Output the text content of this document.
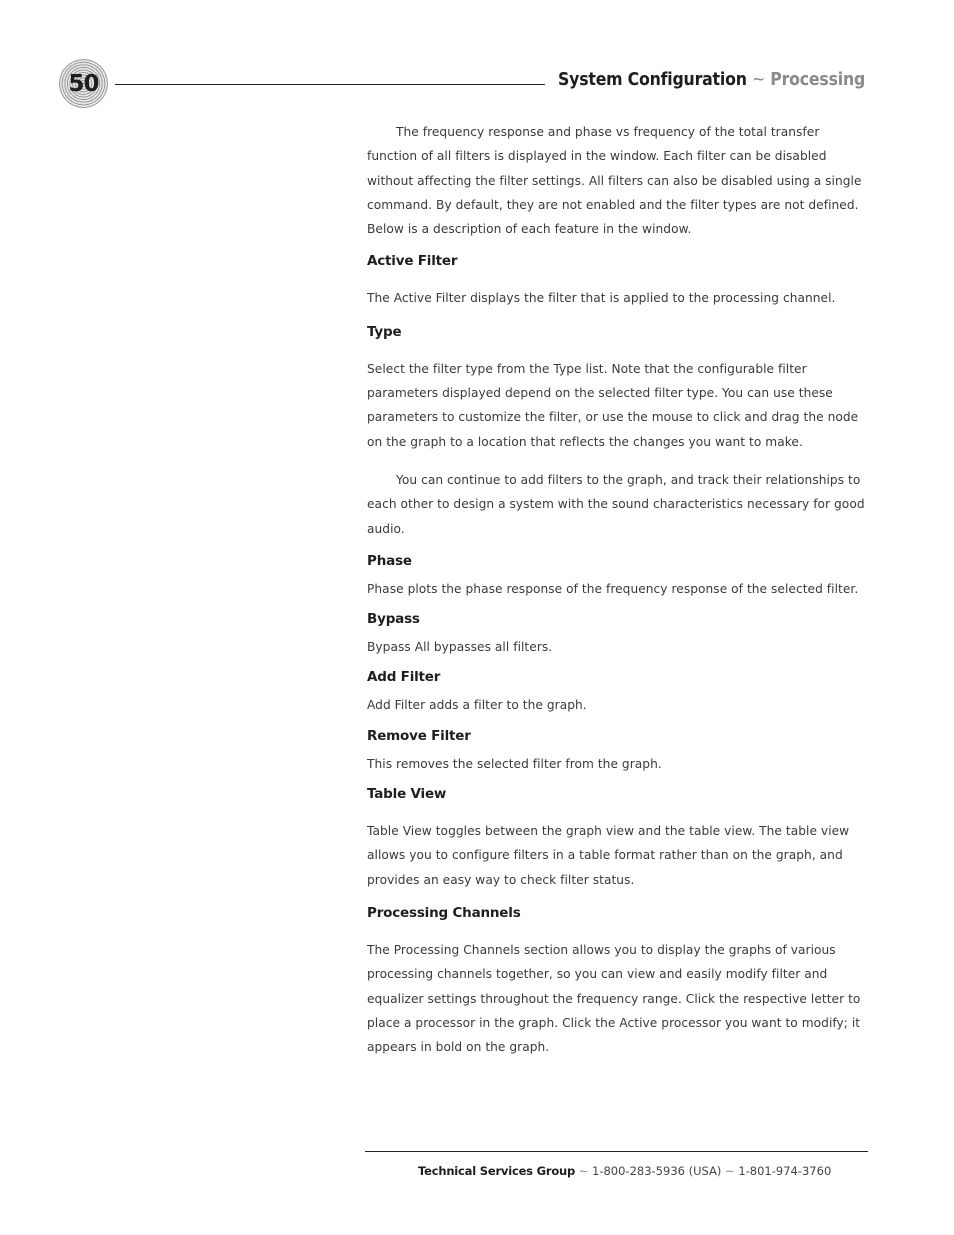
50	System Configuration ~ Processing

The frequency response and phase vs frequency of the total transfer function of all filters is displayed in the window. Each filter can be disabled without affecting the filter settings. All filters can also be disabled using a single command. By default, they are not enabled and the filter types are not defined. Below is a description of each feature in the window.

Active Filter

The Active Filter displays the filter that is applied to the processing channel.

Type

Select the filter type from the Type list. Note that the configurable filter parameters displayed depend on the selected filter type. You can use these parameters to customize the filter, or use the mouse to click and drag the node on the graph to a location that reflects the changes you want to make.

You can continue to add filters to the graph, and track their relationships to each other to design a system with the sound characteristics necessary for good audio.

Phase

Phase plots the phase response of the frequency response of the selected filter.

Bypass

Bypass All bypasses all filters.

Add Filter

Add Filter adds a filter to the graph.

Remove Filter

This removes the selected filter from the graph.

Table View

Table View toggles between the graph view and the table view. The table view allows you to configure filters in a table format rather than on the graph, and provides an easy way to check filter status.

Processing Channels

The Processing Channels section allows you to display the graphs of various processing channels together, so you can view and easily modify filter and equalizer settings throughout the frequency range. Click the respective letter to place a processor in the graph. Click the Active processor you want to modify; it appears in bold on the graph.

Technical Services Group ~ 1-800-283-5936 (USA) ~ 1-801-974-3760
